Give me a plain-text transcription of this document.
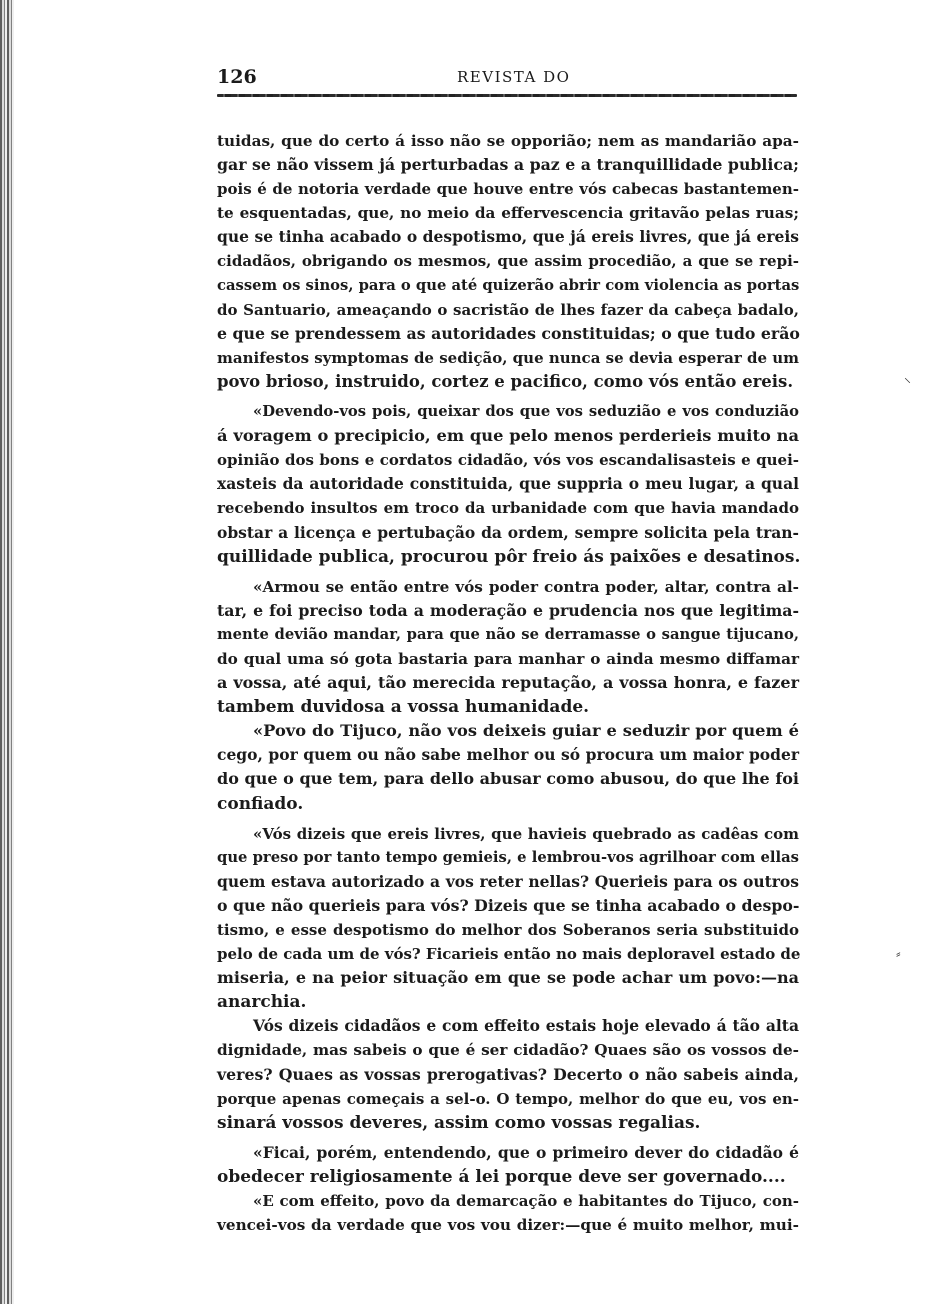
126	REVISTA DO
tuidas, que do certo á isso não se opporião; nem as mandarião apa-
gar se não vissem já perturbadas a paz e a tranquillidade publica;
pois é de notoria verdade que houve entre vós cabecas bastantemen-
te esquentadas, que, no meio da effervescencia gritavão pelas ruas;
que se tinha acabado o despotismo, que já ereis livres, que já ereis
cidadãos, obrigando os mesmos, que assim procedião, a que se repi-
cassem os sinos, para o que até quizerão abrir com violencia as portas
do Santuario, ameaçando o sacristão de lhes fazer da cabeça badalo,
e que se prendessem as autoridades constituidas; o que tudo erão
manifestos symptomas de sedição, que nunca se devia esperar de um
povo brioso, instruido, cortez e pacifico, como vós então ereis.
«Devendo-vos pois, queixar dos que vos seduzião e vos conduzião
á voragem o precipicio, em que pelo menos perderieis muito na
opinião dos bons e cordatos cidadão, vós vos escandalisasteis e quei-
xasteis da autoridade constituida, que suppria o meu lugar, a qual
recebendo insultos em troco da urbanidade com que havia mandado
obstar a licença e pertubação da ordem, sempre solicita pela tran-
quillidade publica, procurou pôr freio ás paixões e desatinos.
«Armou se então entre vós poder contra poder, altar, contra al-
tar, e foi preciso toda a moderação e prudencia nos que legitima-
mente devião mandar, para que não se derramasse o sangue tijucano,
do qual uma só gota bastaria para manhar o ainda mesmo diffamar
a vossa, até aqui, tão merecida reputação, a vossa honra, e fazer
tambem duvidosa a vossa humanidade.
«Povo do Tijuco, não vos deixeis guiar e seduzir por quem é
cego, por quem ou não sabe melhor ou só procura um maior poder
do que o que tem, para dello abusar como abusou, do que lhe foi
confiado.
«Vós dizeis que ereis livres, que havieis quebrado as cadêas com
que preso por tanto tempo gemieis, e lembrou-vos agrilhoar com ellas
quem estava autorizado a vos reter nellas? Querieis para os outros
o que não querieis para vós? Dizeis que se tinha acabado o despo-
tismo, e esse despotismo do melhor dos Soberanos seria substituido
pelo de cada um de vós? Ficarieis então no mais deploravel estado de
miseria, e na peior situação em que se pode achar um povo:—na
anarchia.
Vós dizeis cidadãos e com effeito estais hoje elevado á tão alta
dignidade, mas sabeis o que é ser cidadão? Quaes são os vossos de-
veres? Quaes as vossas prerogativas? Decerto o não sabeis ainda,
porque apenas começais a sel-o. O tempo, melhor do que eu, vos en-
sinará vossos deveres, assim como vossas regalias.
«Ficai, porém, entendendo, que o primeiro dever do cidadão é
obedecer religiosamente á lei porque deve ser governado....
«E com effeito, povo da demarcação e habitantes do Tijuco, con-
vencei-vos da verdade que vos vou dizer:—que é muito melhor, mui-
⸜
⸗
